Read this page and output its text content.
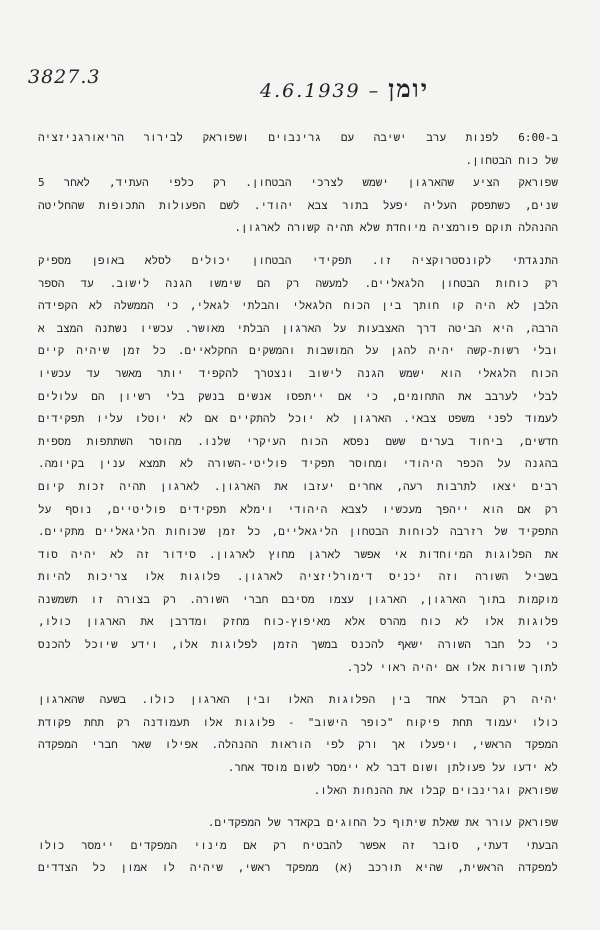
3827.3
4.6.1939 – יומן
ב-6:00 לפנות ערב ישיבה עם גרינבוים ושפוראק לבירור הריאורגניזציה
של כוח הבטחון.
שפוראק הציע שהארגון ישמש לצרכי הבטחון. רק כלפי העתיד, לאחר 5
שנים, כשתפסק העליה יפעל בתור צבא יהודי. לשם הפעולות התכופות שהחליטה
ההנהלה תוקם פורמציה מיוחדת שלא תהיה קשורה לארגון.
התנגדתי לקונסטרוקציה זו. תפקידי הבטחון יכולים לסלא באופן מספיק
רק כוחות הבטחון הלגאליים. למעשה רק הם שימשו הגנה לישוב. עד הספר
הלבן לא היה קו חותך בין הכוח הלגאלי והבלתי לגאלי, כי הממשלה לא הקפידה
הרבה, היא הביטה דרך האצבעות על הארגון הבלתי מאושר. עכשיו נשתנה המצב א
ובלי רשות-קשה יהיה להגן על המושבות והמשקים החקלאיים. כל זמן שיהיה קיים
הכוח הלגאלי הוא ישמש הגנה לישוב ונצטרך להקפיד יותר מאשר עד עכשיו
לבלי לערבב את התחומים, כי אם ייתפסו אנשים בנשק בלי רשיון הם עלולים
לעמוד לפני משפט צבאי. הארגון לא יוכל להתקיים אם לא יוטלו עליו תפקידים
חדשים, ביחוד בערים ששם נפסא הכוח העיקרי שלנו. מהוסר השתתפות מספית
בהגנה על הכפר היהודי ומחוסר תפקיד פוליטי-השורה לא תמצא ענין בקיומה.
רבים יצאו לתרבות רעה, אחרים יעזבו את הארגון. לארגון תהיה זכות קיום
רק אם הוא ייהפך מעכשיו לצבא היהודי וימלא תפקידים פוליטיים, נוסף על
התפקיד של רזרבה לכוחות הבטחון הליגאליים, כל זמן שכוחות הליגאליים מתקיים.
את הפלוגות המיוחדות אי אפשר לארגן מחוץ לארגון. סידור זה לא יהיה סוד
בשביל השורה וזה יכניס דימורליזציה לארגון. פלוגות אלו צריכות להיות
מוקמות בתוך הארגון, הארגון עצמו מסיבם חברי השורה. רק בצורה זו תשמשנה
פלוגות אלו לא כוח מהרס אלא מאיפוץ-כוח מחזק ומדרבן את הארגון כולו,
כי כל חבר השורה ישאף להכנס במשך הזמן לפלוגות אלו, וידע שיוכל להכנס
לתוך שורות אלו אם יהיה ראוי לכך.
יהיה רק הבדל אחד בין הפלוגות האלו ובין הארגון כולו. בשעה שהארגון
כולו יעמוד תחת פיקוח "כופר הישוב" - פלוגות אלו תעמודנה רק תחת פקודת
המפקד הראשי, ויפעלו אך ורק לפי הוראות ההנהלה. אפילו שאר חברי המפקדה
לא ידעו על פעולתן ושום דבר לא יימסר לשום מוסד אחר.
שפוראק וגרינבוים קבלו את ההנחות האלו.
שפוראק עורר את שאלת שיתוף כל החוגים בקאדר של המפקדים.
הבעתי דעתי, סובר זה אפשר להבטיח רק אם מינוי המפקדים יימסר כולו
למפקדה הראשית, שהיא תורכב (א) ממפקד ראשי, שיהיה לו אמון כל הצדדים
